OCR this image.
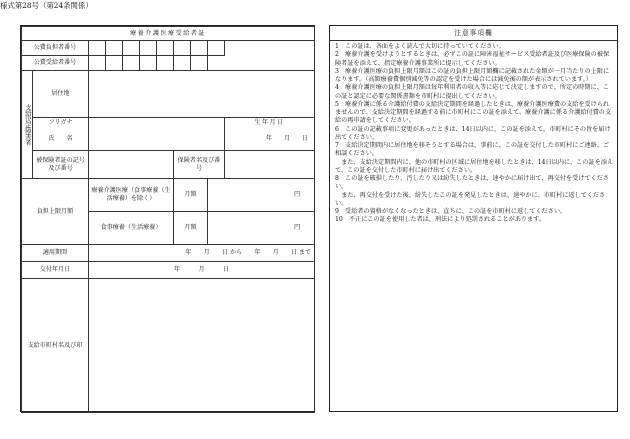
様式第28号（第24条関係）
療養介護医療受給者証										
公費負担者番号										
公費受給者番号										
支給決定障害者	居住地									
	フリガナ									生年月日
	氏　　名									年 月 日

	被保険者証の記号及び番号						保険者名及び番号			
負担上限月額		療養介護医療（食事療養（生活療養）を除く）					月額		円	
		食事療養（生活療養）					月額		円	
適用期間		年　　月　　日 から　　年　　月　　日 まで								
交付年月日		年　　　月　　　日								
支給市町村名及び印										
注意事項欄

1　この証は、各面をよく読んで大切に持っていてください。

2　療養介護を受けようとするときは、必ずこの証に障害福祉サービス受給者証及び医療保険の被保険者証を添えて、指定療養介護事業所に提示してください。

3　療養介護医療の負担上限月額はこの証の負担上限月額欄に記載された金額が一月当たりの上限になります。（高額療養費個別減免等の認定を受けた場合には減免後の額が表示されています。）

4　療養介護医療の負担上限月額は毎年利用者の収入等に応じて決定しますので、所定の時期に、この証と認定に必要な関係書類を市町村に提出してください。

5　療養介護に係る介護給付費の支給決定期間を経過したときは、療養介護医療費の支給を受けられませんので、支給決定期間を経過する前に市町村にこの証を添えて、療養介護に係る介護給付費の支給の再申請をしてください。

6　この証の記載事項に変更があったときは、14日以内に、この証を添えて、市町村にその旨を届け出てください。

7　支給決定期間内に居住地を移そうとする場合は、事前に、この証を交付した市町村にご連絡、ご相談ください。

　また、支給決定期間内に、他の市町村の区域に居住地を移したときは、14日以内に、この証を添えて、この証を交付した市町村に届け出てください。

8　この証を破損したり、汚したり又は紛失したときは、速やかに届け出て、再交付を受けてください。

　また、再交付を受けた後、紛失したこの証を発見したときは、速やかに、市町村に返してください。

9　受給者の資格がなくなったときは、直ちに、この証を市町村に返してください。

10　不正にこの証を使用した者は、刑法により処罰されることがあります。
